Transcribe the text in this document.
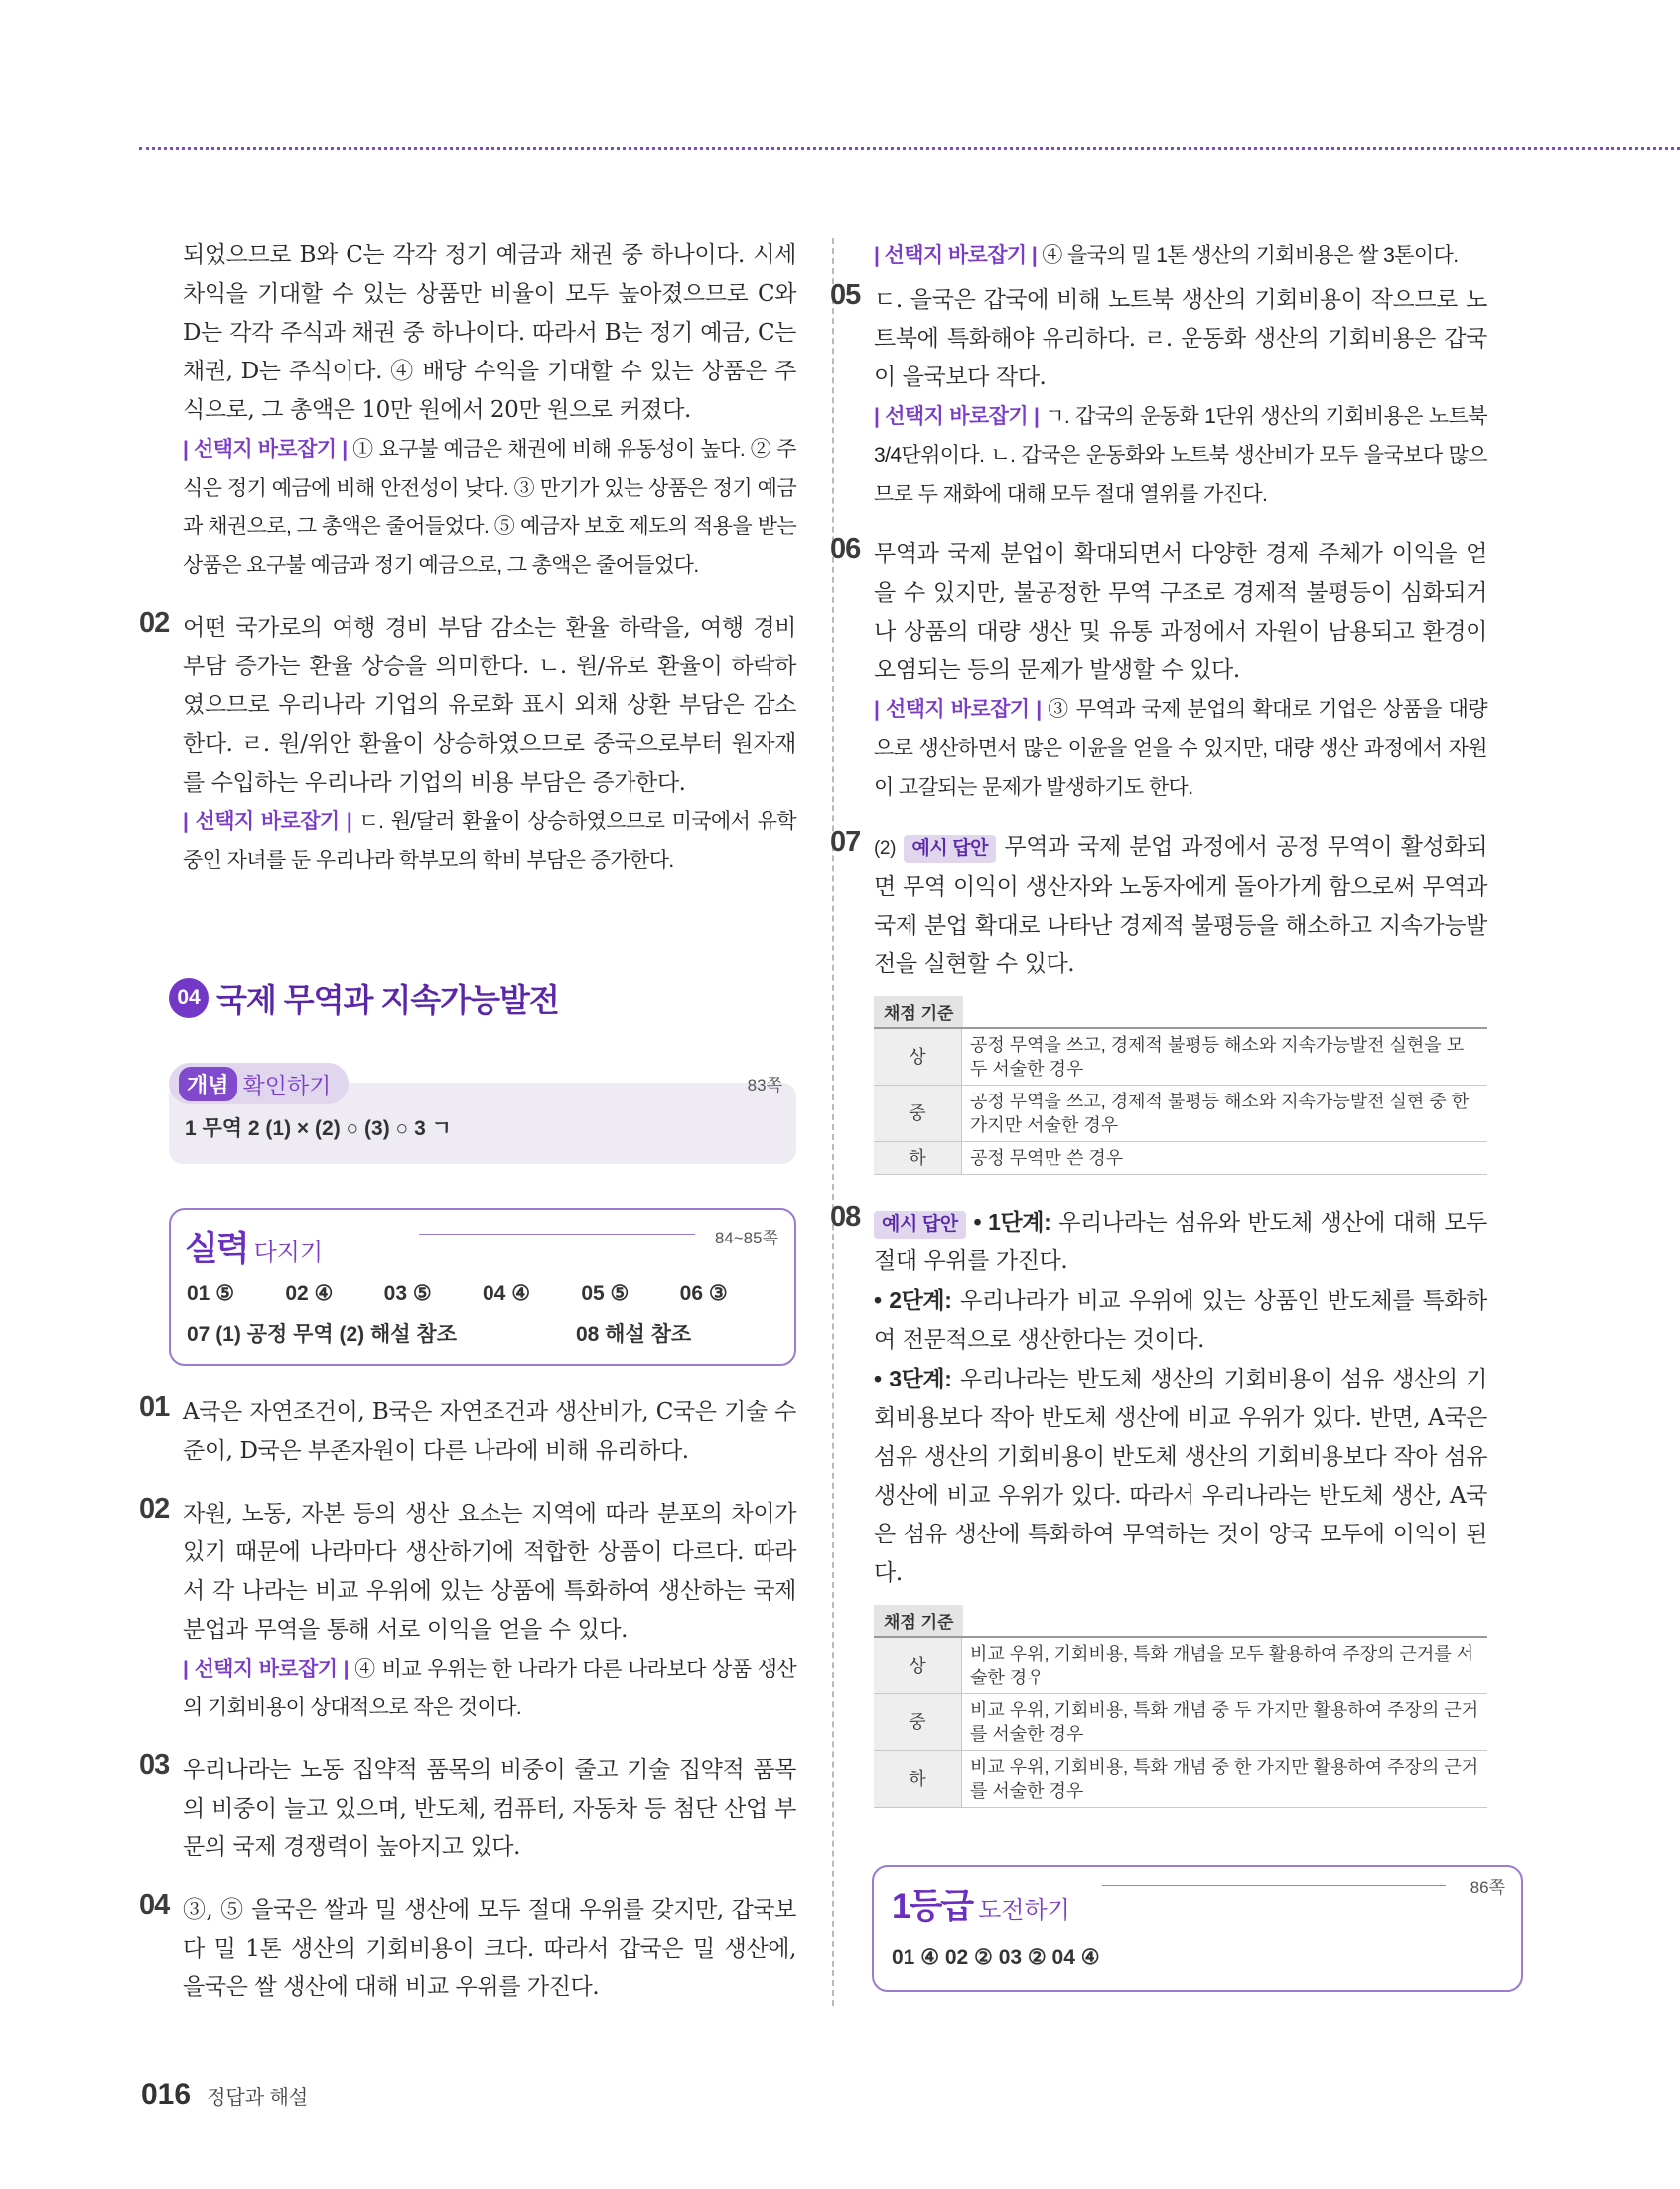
되었으므로 B와 C는 각각 정기 예금과 채권 중 하나이다. 시세 차익을 기대할 수 있는 상품만 비율이 모두 높아졌으므로 C와 D는 각각 주식과 채권 중 하나이다. 따라서 B는 정기 예금, C는 채권, D는 주식이다. ④ 배당 수익을 기대할 수 있는 상품은 주식으로, 그 총액은 10만 원에서 20만 원으로 커졌다.

| 선택지 바로잡기 | ① 요구불 예금은 채권에 비해 유동성이 높다. ② 주식은 정기 예금에 비해 안전성이 낮다. ③ 만기가 있는 상품은 정기 예금과 채권으로, 그 총액은 줄어들었다. ⑤ 예금자 보호 제도의 적용을 받는 상품은 요구불 예금과 정기 예금으로, 그 총액은 줄어들었다.

02 어떤 국가로의 여행 경비 부담 감소는 환율 하락을, 여행 경비 부담 증가는 환율 상승을 의미한다. ㄴ. 원/유로 환율이 하락하였으므로 우리나라 기업의 유로화 표시 외채 상환 부담은 감소한다. ㄹ. 원/위안 환율이 상승하였으므로 중국으로부터 원자재를 수입하는 우리나라 기업의 비용 부담은 증가한다.

| 선택지 바로잡기 | ㄷ. 원/달러 환율이 상승하였으므로 미국에서 유학 중인 자녀를 둔 우리나라 학부모의 학비 부담은 증가한다.

04 국제 무역과 지속가능발전
개념 확인하기	83쪽
1 무역 2 (1) × (2) ○ (3) ○ 3 ㄱ
실력 다지기
84~85쪽
01 ⑤	02 ④	03 ⑤	04 ④	05 ⑤	06 ③
07 (1) 공정 무역 (2) 해설 참조	08 해설 참조
01 A국은 자연조건이, B국은 자연조건과 생산비가, C국은 기술 수준이, D국은 부존자원이 다른 나라에 비해 유리하다.

02 자원, 노동, 자본 등의 생산 요소는 지역에 따라 분포의 차이가 있기 때문에 나라마다 생산하기에 적합한 상품이 다르다. 따라서 각 나라는 비교 우위에 있는 상품에 특화하여 생산하는 국제 분업과 무역을 통해 서로 이익을 얻을 수 있다.

| 선택지 바로잡기 | ④ 비교 우위는 한 나라가 다른 나라보다 상품 생산의 기회비용이 상대적으로 작은 것이다.

03 우리나라는 노동 집약적 품목의 비중이 줄고 기술 집약적 품목의 비중이 늘고 있으며, 반도체, 컴퓨터, 자동차 등 첨단 산업 부문의 국제 경쟁력이 높아지고 있다.

04 ③, ⑤ 을국은 쌀과 밀 생산에 모두 절대 우위를 갖지만, 갑국보다 밀 1톤 생산의 기회비용이 크다. 따라서 갑국은 밀 생산에, 을국은 쌀 생산에 대해 비교 우위를 가진다.

| 선택지 바로잡기 | ④ 을국의 밀 1톤 생산의 기회비용은 쌀 3톤이다.

05 ㄷ. 을국은 갑국에 비해 노트북 생산의 기회비용이 작으므로 노트북에 특화해야 유리하다. ㄹ. 운동화 생산의 기회비용은 갑국이 을국보다 작다.

| 선택지 바로잡기 | ㄱ. 갑국의 운동화 1단위 생산의 기회비용은 노트북 3/4단위이다. ㄴ. 갑국은 운동화와 노트북 생산비가 모두 을국보다 많으므로 두 재화에 대해 모두 절대 열위를 가진다.

06 무역과 국제 분업이 확대되면서 다양한 경제 주체가 이익을 얻을 수 있지만, 불공정한 무역 구조로 경제적 불평등이 심화되거나 상품의 대량 생산 및 유통 과정에서 자원이 남용되고 환경이 오염되는 등의 문제가 발생할 수 있다.

| 선택지 바로잡기 | ③ 무역과 국제 분업의 확대로 기업은 상품을 대량으로 생산하면서 많은 이윤을 얻을 수 있지만, 대량 생산 과정에서 자원이 고갈되는 문제가 발생하기도 한다.

07 (2) 예시 답안 무역과 국제 분업 과정에서 공정 무역이 활성화되면 무역 이익이 생산자와 노동자에게 돌아가게 함으로써 무역과 국제 분업 확대로 나타난 경제적 불평등을 해소하고 지속가능발전을 실현할 수 있다.

채점 기준
상	공정 무역을 쓰고, 경제적 불평등 해소와 지속가능발전 실현을 모두 서술한 경우
중	공정 무역을 쓰고, 경제적 불평등 해소와 지속가능발전 실현 중 한 가지만 서술한 경우
하	공정 무역만 쓴 경우
08	예시 답안 • 1단계: 우리나라는 섬유와 반도체 생산에 대해 모두 절대 우위를 가진다.

• 2단계: 우리나라가 비교 우위에 있는 상품인 반도체를 특화하여 전문적으로 생산한다는 것이다.

• 3단계: 우리나라는 반도체 생산의 기회비용이 섬유 생산의 기회비용보다 작아 반도체 생산에 비교 우위가 있다. 반면, A국은 섬유 생산의 기회비용이 반도체 생산의 기회비용보다 작아 섬유 생산에 비교 우위가 있다. 따라서 우리나라는 반도체 생산, A국은 섬유 생산에 특화하여 무역하는 것이 양국 모두에 이익이 된다.

채점 기준
상	비교 우위, 기회비용, 특화 개념을 모두 활용하여 주장의 근거를 서술한 경우
중	비교 우위, 기회비용, 특화 개념 중 두 가지만 활용하여 주장의 근거를 서술한 경우
하	비교 우위, 기회비용, 특화 개념 중 한 가지만 활용하여 주장의 근거를 서술한 경우
1등급 도전하기
86쪽
01 ④ 02 ② 03 ② 04 ④
016 정답과 해설
